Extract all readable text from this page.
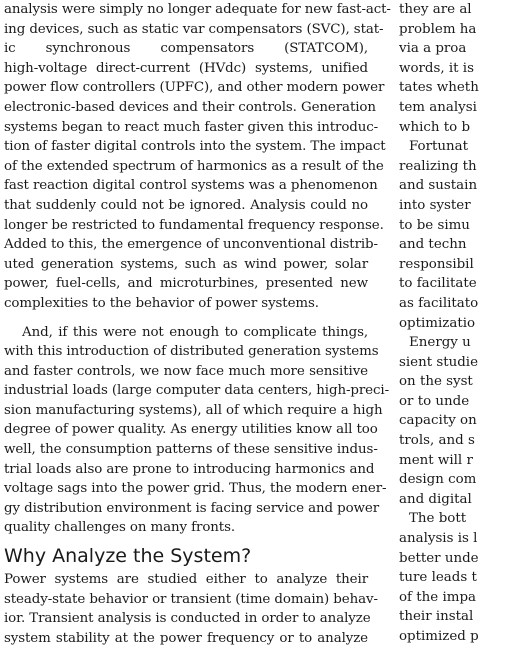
analysis were simply no longer adequate for new fast-act-
ing devices, such as static var compensators (SVC), stat-
ic synchronous compensators (STATCOM),
high-voltage direct-current (HVdc) systems, unified
power flow controllers (UPFC), and other modern power
electronic-based devices and their controls. Generation
systems began to react much faster given this introduc-
tion of faster digital controls into the system. The impact
of the extended spectrum of harmonics as a result of the
fast reaction digital control systems was a phenomenon
that suddenly could not be ignored. Analysis could no
longer be restricted to fundamental frequency response.
Added to this, the emergence of unconventional distrib-
uted generation systems, such as wind power, solar
power, fuel-cells, and microturbines, presented new
complexities to the behavior of power systems.
And, if this were not enough to complicate things,
with this introduction of distributed generation systems
and faster controls, we now face much more sensitive
industrial loads (large computer data centers, high-preci-
sion manufacturing systems), all of which require a high
degree of power quality. As energy utilities know all too
well, the consumption patterns of these sensitive indus-
trial loads also are prone to introducing harmonics and
voltage sags into the power grid. Thus, the modern ener-
gy distribution environment is facing service and power
quality challenges on many fronts.
Why Analyze the System?
Power systems are studied either to analyze their
steady-state behavior or transient (time domain) behav-
ior. Transient analysis is conducted in order to analyze
system stability at the power frequency or to analyze
they are al
problem ha
via a proa
words, it is
tates wheth
tem analysi
which to b
Fortunat
realizing th
and sustain
into syster
to be simu
and techn
responsibil
to facilitate
as facilitato
optimizatio
Energy u
sient studie
on the syst
or to unde
capacity on
trols, and s
ment will r
design com
and digital
The bott
analysis is l
better unde
ture leads t
of the impa
their instal
optimized p
